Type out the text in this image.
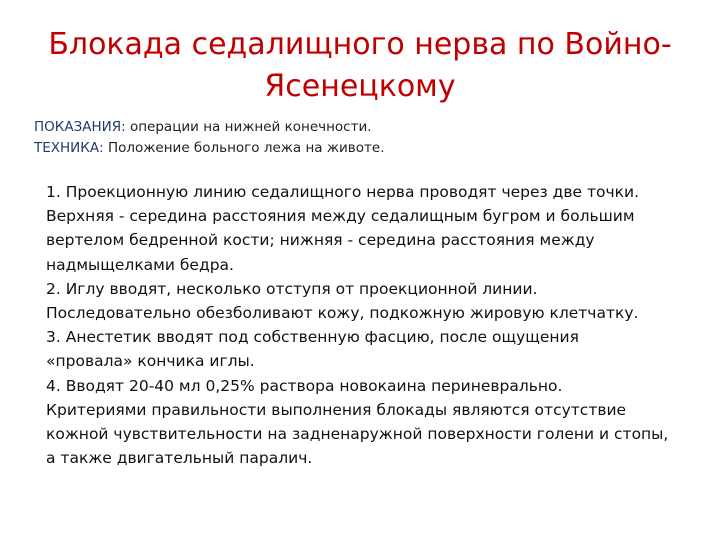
Блокада седалищного нерва по Войно-
Ясенецкому
ПОКАЗАНИЯ: операции на нижней конечности.
ТЕХНИКА: Положение больного лежа на животе.
1. Проекционную линию седалищного нерва проводят через две точки.
Верхняя - середина расстояния между седалищным бугром и большим
вертелом бедренной кости; нижняя - середина расстояния между
надмыщелками бедра.
2. Иглу вводят, несколько отступя от проекционной линии.
Последовательно обезболивают кожу, подкожную жировую клетчатку.
3. Анестетик вводят под собственную фасцию, после ощущения
«провала» кончика иглы.
4. Вводят 20-40 мл 0,25% раствора новокаина периневрально.
Критериями правильности выполнения блокады являются отсутствие
кожной чувствительности на задненаружной поверхности голени и стопы,
а также двигательный паралич.
